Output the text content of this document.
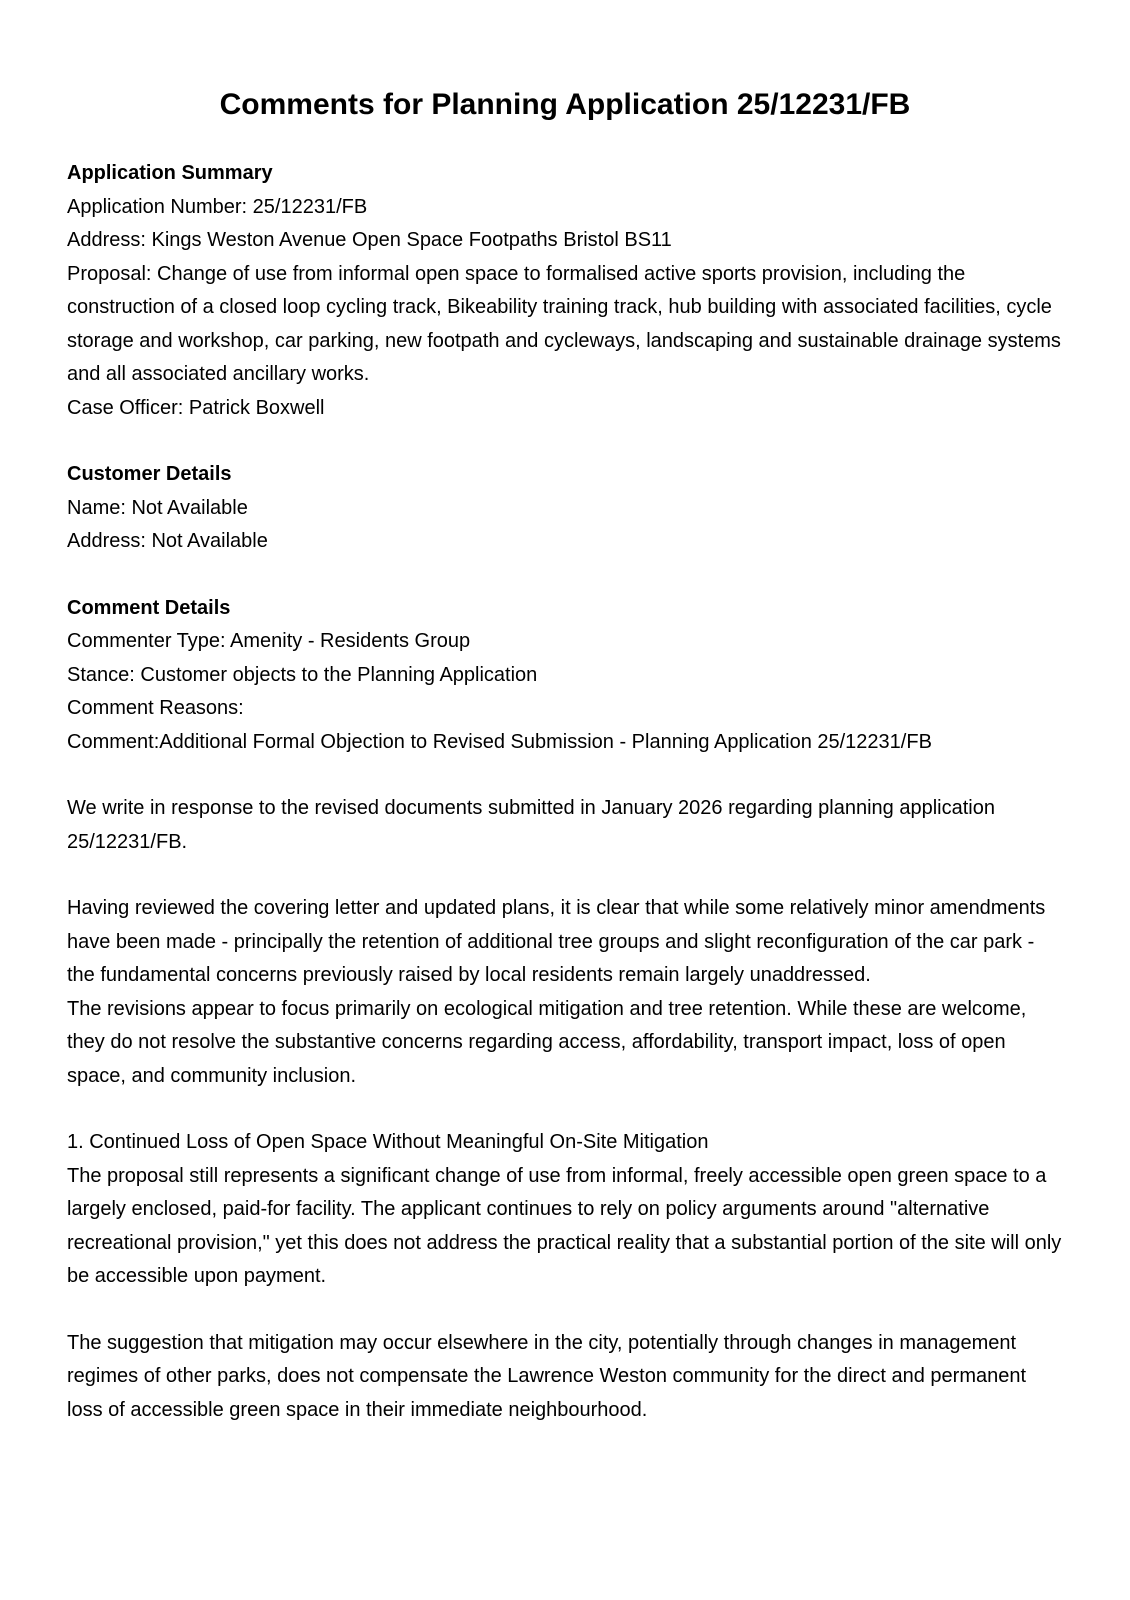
Comments for Planning Application 25/12231/FB
Application Summary

Application Number: 25/12231/FB

Address: Kings Weston Avenue Open Space Footpaths Bristol BS11

Proposal: Change of use from informal open space to formalised active sports provision, including the construction of a closed loop cycling track, Bikeability training track, hub building with associated facilities, cycle storage and workshop, car parking, new footpath and cycleways, landscaping and sustainable drainage systems and all associated ancillary works.

Case Officer: Patrick Boxwell

Customer Details

Name: Not Available

Address: Not Available

Comment Details

Commenter Type: Amenity - Residents Group

Stance: Customer objects to the Planning Application

Comment Reasons:

Comment:Additional Formal Objection to Revised Submission - Planning Application 25/12231/FB

We write in response to the revised documents submitted in January 2026 regarding planning application 25/12231/FB.

Having reviewed the covering letter and updated plans, it is clear that while some relatively minor amendments have been made - principally the retention of additional tree groups and slight reconfiguration of the car park - the fundamental concerns previously raised by local residents remain largely unaddressed.

The revisions appear to focus primarily on ecological mitigation and tree retention. While these are welcome, they do not resolve the substantive concerns regarding access, affordability, transport impact, loss of open space, and community inclusion.

1. Continued Loss of Open Space Without Meaningful On-Site Mitigation

The proposal still represents a significant change of use from informal, freely accessible open green space to a largely enclosed, paid-for facility. The applicant continues to rely on policy arguments around "alternative recreational provision," yet this does not address the practical reality that a substantial portion of the site will only be accessible upon payment.

The suggestion that mitigation may occur elsewhere in the city, potentially through changes in management regimes of other parks, does not compensate the Lawrence Weston community for the direct and permanent loss of accessible green space in their immediate neighbourhood.
